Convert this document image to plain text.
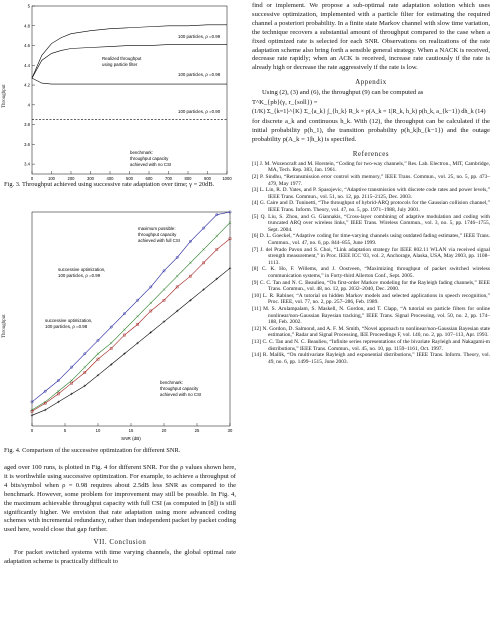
3.4
3.6
3.8
4
4.2
4.4
4.6
4.8
5
0	100	200	300	400	500	600	700	800	900	1000
100 particles, ρ =0.99
100 particles, ρ =0.98
100 particles, ρ =0.90
Realized throughput
using particle filter
benchmark:
throughput capacity
achieved with no CSI
Throughput
Fig. 3. Throughput achieved using successive rate adaptation over time; γ = 20dB.
0	5	10	15	20	25	30
SNR (dB)
maximum possible:
throughput capacity
achieved with full CSI
successive optimization,
100 particles, ρ =0.99
successive optimization,
100 particles, ρ =0.98
benchmark:
throughput capacity
achieved with no CSI
Throughput
Fig. 4. Comparison of the successive optimization for different SNR.

aged over 100 runs, is plotted in Fig. 4 for different SNR. For the ρ values shown here, it is worthwhile using successive optimization. For example, to achieve a throughput of 4 bits/symbol when ρ = 0.98 requires about 2.5dB less SNR as compared to the benchmark. However, some problem for improvement may still be possible. In Fig. 4, the maximum achievable throughput capacity with full CSI (as computed in [8]) is still significantly higher. We envision that rate adaptation using more advanced coding schemes with incremental redundancy, rather than independent packet by packet coding used here, would close that gap further.

VII. Conclusion

For packet switched systems with time varying channels, the global optimal rate adaptation scheme is practically difficult to

find or implement. We propose a sub-optimal rate adaptation solution which uses successive optimization, implemented with a particle filter for estimating the required channel a posteriori probability. In a finite state Markov channel with slow time variation, the technique recovers a substantial amount of throughput compared to the case when a fixed optimized rate is selected for each SNR. Observations on realizations of the rate adaptation scheme also bring forth a sensible general strategy. When a NACK is received, decrease rate rapidly; when an ACK is received, increase rate cautiously if the rate is already high or decrease the rate aggressively if the rate is low.

Appendix

Using (2), (3) and (6), the throughput (9) can be computed as

T^K_{pb}(γ, r_{soll}) =
(1/K) Σ_{k=1}^{K} Σ_{a_k} ∫_{h_k} R_k × p(A_k = 1|R_k, h_k) p(h_k, a_{k−1}) dh_k (14)

for discrete a_k and continuous h_k. With (12), the throughput can be calculated if the initial probability p(h_1), the transition probability p(h_k|h_{k−1}) and the outage probability p(A_k = 1|h_k) is specified.

References
[1] J. M. Wozencraft and M. Horstein, “Coding for two-way channels,” Res. Lab. Electron., MIT, Cambridge, MA, Tech. Rep. 383, Jan. 1961.
[2] P. Sindhu, “Retransmission error control with memory,” IEEE Trans. Commun., vol. 25, no. 5, pp. 473–479, May 1977.
[3] L. Lin, R. D. Yates, and P. Spasojevic, “Adaptive transmission with discrete code rates and power levels,” IEEE Trans. Commun., vol. 51, no. 12, pp. 2115–2125, Dec. 2003.
[4] G. Caire and D. Tuninetti, “The throughput of hybrid-ARQ protocols for the Gaussian collision channel,” IEEE Trans. Inform. Theory, vol. 47, no. 5, pp. 1971–1988, July 2001.
[5] Q. Liu, S. Zhou, and G. Giannakis, “Cross-layer combining of adaptive modulation and coding with truncated ARQ over wireless links,” IEEE Trans. Wireless Commun., vol. 3, no. 5, pp. 1746–1755, Sept. 2004.
[6] D. L. Goeckel, “Adaptive coding for time-varying channels using outdated fading estimates,” IEEE Trans. Commun., vol. 47, no. 6, pp. 844–855, June 1999.
[7] J. del Prado Pavon and S. Choi, “Link adaptation strategy for IEEE 802.11 WLAN via received signal strength measurement,” in Proc. IEEE ICC '03, vol. 2, Anchorage, Alaska, USA, May 2003, pp. 1108–1113.
[8] C. K. Ho, F. Willems, and J. Oostveen, “Maximizing throughput of packet switched wireless communication systems,” in Forty-third Allerton Conf., Sept. 2005.
[9] C. C. Tan and N. C. Beaulieu, “On first-order Markov modeling for the Rayleigh fading channels,” IEEE Trans. Commun., vol. 48, no. 12, pp. 2032–2040, Dec. 2000.
[10] L. R. Rabiner, “A tutorial on hidden Markov models and selected applications in speech recognition,” Proc. IEEE, vol. 77, no. 2, pp. 257–286, Feb. 1989.
[11] M. S. Arulampalam, S. Maskell, N. Gordon, and T. Clapp, “A tutorial on particle filters for online nonlinear/non-Gaussian Bayesian tracking,” IEEE Trans. Signal Processing, vol. 50, no. 2, pp. 174–188, Feb. 2002.
[12] N. Gordon, D. Salmond, and A. F. M. Smith, “Novel approach to nonlinear/non-Gaussian Bayesian state estimation,” Radar and Signal Processing, IEE Proceedings F, vol. 140, no. 2, pp. 107–113, Apr. 1993.
[13] C. C. Tan and N. C. Beaulieu, “Infinite series representations of the bivariate Rayleigh and Nakagami-m distributions,” IEEE Trans. Commun., vol. 45, no. 10, pp. 1159–1161, Oct. 1997.
[14] R. Mallik, “On multivariate Rayleigh and exponential distributions,” IEEE Trans. Inform. Theory, vol. 49, no. 6, pp. 1499–1515, June 2003.
